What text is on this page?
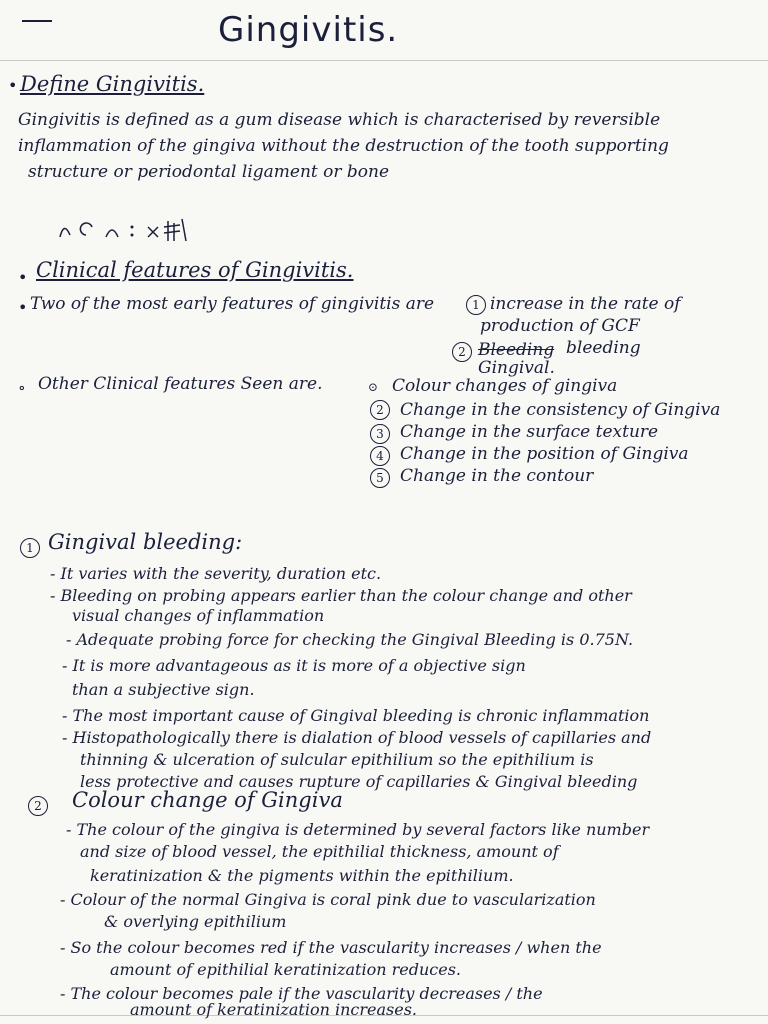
Gingivitis.
• Define Gingivitis.
Gingivitis is defined as a gum disease which is characterised by reversible
inflammation of the gingiva without the destruction of the tooth supporting
structure or periodontal ligament or bone
• Clinical features of Gingivitis.
• Two of the most early features of gingivitis are	1 increase in the rate of
production of GCF
2 Bleeding bleeding
Gingival.
∘ Other Clinical features Seen are.	⊙ Colour changes of gingiva
2 Change in the consistency of Gingiva
3 Change in the surface texture
4 Change in the position of Gingiva
5 Change in the contour
1 Gingival bleeding:
- It varies with the severity, duration etc.
- Bleeding on probing appears earlier than the colour change and other
visual changes of inflammation
- Adequate probing force for checking the Gingival Bleeding is 0.75N.
- It is more advantageous as it is more of a objective sign
than a subjective sign.
- The most important cause of Gingival bleeding is chronic inflammation
- Histopathologically there is dialation of blood vessels of capillaries and
thinning & ulceration of sulcular epithilium so the epithilium is
less protective and causes rupture of capillaries & Gingival bleeding
2 Colour change of Gingiva
- The colour of the gingiva is determined by several factors like number
and size of blood vessel, the epithilial thickness, amount of
keratinization & the pigments within the epithilium.
- Colour of the normal Gingiva is coral pink due to vascularization
& overlying epithilium
- So the colour becomes red if the vascularity increases / when the
amount of epithilial keratinization reduces.
- The colour becomes pale if the vascularity decreases / the
amount of keratinization increases.
